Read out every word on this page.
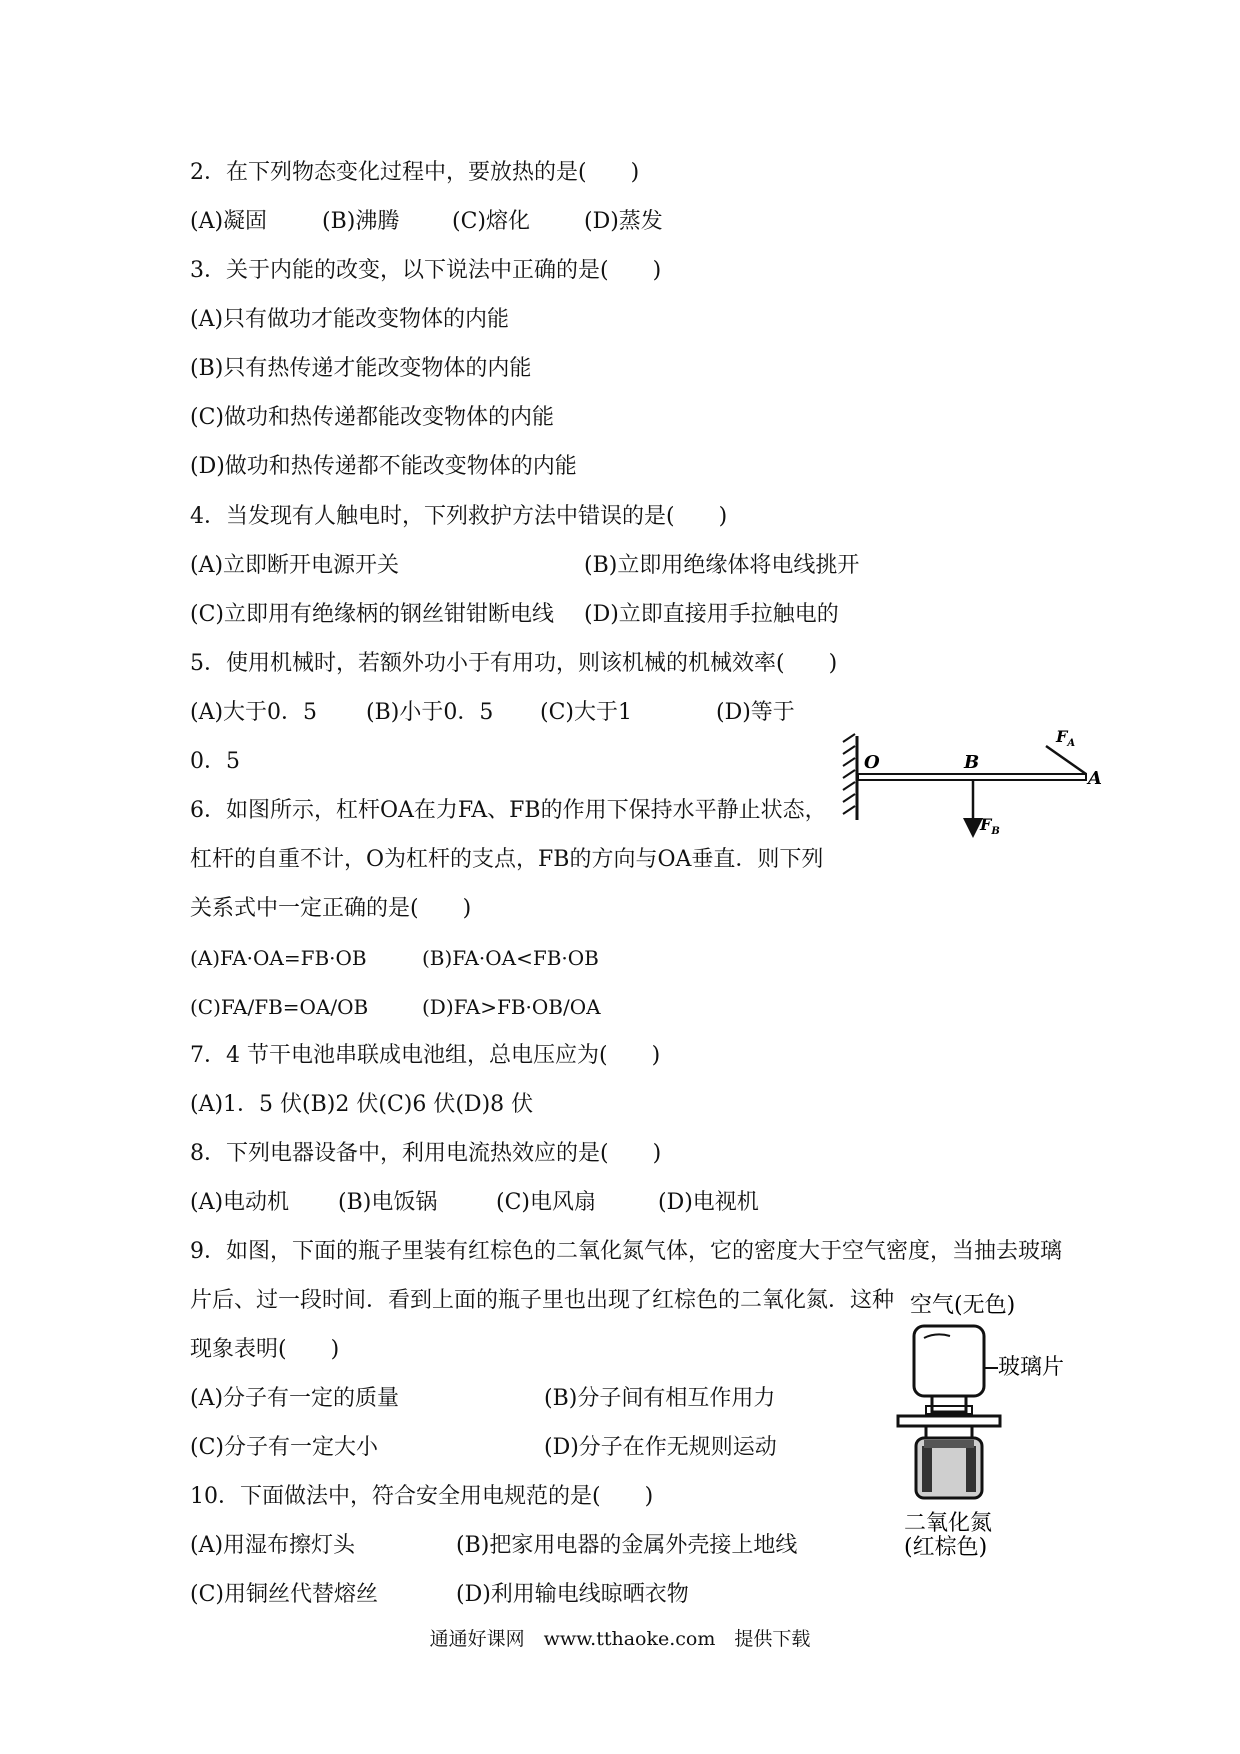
2．在下列物态变化过程中，要放热的是(　　)
(A)凝固 (B)沸腾 (C)熔化 (D)蒸发
3．关于内能的改变，以下说法中正确的是(　　)
(A)只有做功才能改变物体的内能
(B)只有热传递才能改变物体的内能
(C)做功和热传递都能改变物体的内能
(D)做功和热传递都不能改变物体的内能
4．当发现有人触电时，下列救护方法中错误的是(　　)
(A)立即断开电源开关	(B)立即用绝缘体将电线挑开
(C)立即用有绝缘柄的钢丝钳钳断电线 (D)立即直接用手拉触电的
5．使用机械时，若额外功小于有用功，则该机械的机械效率(　　)
(A)大于0．5 (B)小于0．5 (C)大于1	(D)等于
0．5	O	B
A
$F_A$
$F_B$
6．如图所示，杠杆OA在力FA、FB的作用下保持水平静止状态，
杠杆的自重不计，O为杠杆的支点，FB的方向与OA垂直．则下列
关系式中一定正确的是(　　)
(A)FA·OA=FB·OB	(B)FA·OA<FB·OB
(C)FA/FB=OA/OB	(D)FA>FB·OB/OA
7．4 节干电池串联成电池组，总电压应为(　　)
(A)1．5 伏(B)2 伏(C)6 伏(D)8 伏
8．下列电器设备中，利用电流热效应的是(　　)
(A)电动机 (B)电饭锅	(C)电风扇	(D)电视机
9．如图，下面的瓶子里装有红棕色的二氧化氮气体，它的密度大于空气密度，当抽去玻璃
片后、过一段时间．看到上面的瓶子里也出现了红棕色的二氧化氮．这种
现象表明(　　)
(A)分子有一定的质量	(B)分子间有相互作用力
(C)分子有一定大小	(D)分子在作无规则运动
空气(无色)
玻璃片
二氧化氮
(红棕色)
10．下面做法中，符合安全用电规范的是(　　)
(A)用湿布擦灯头	(B)把家用电器的金属外壳接上地线
(C)用铜丝代替熔丝	(D)利用输电线晾晒衣物
通通好课网　www.tthaoke.com　提供下载
